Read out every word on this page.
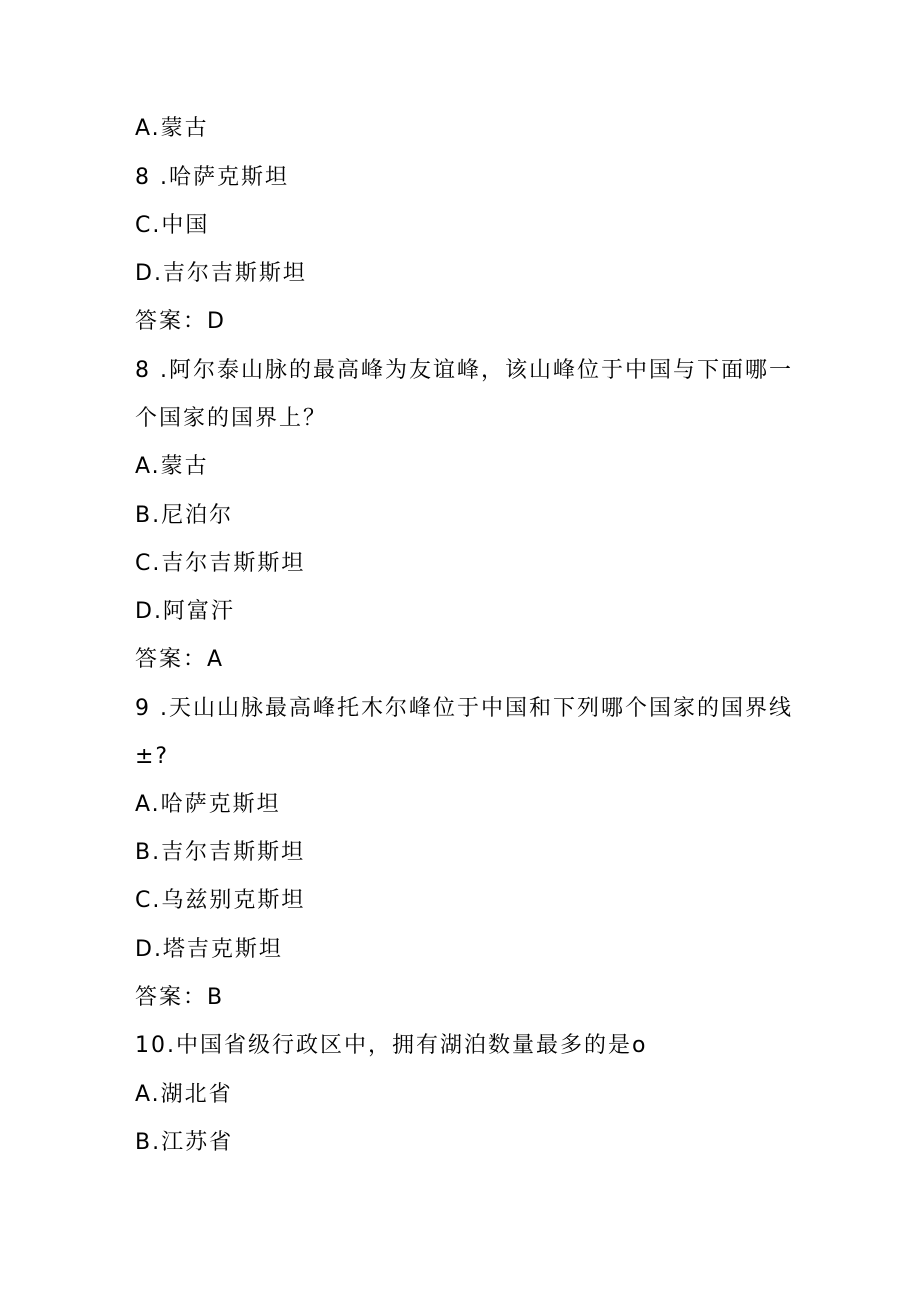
A.蒙古
8 .哈萨克斯坦
C.中国
D.吉尔吉斯斯坦
答案：D
8 .阿尔泰山脉的最高峰为友谊峰，该山峰位于中国与下面哪一
个国家的国界上？
A.蒙古
B.尼泊尔
C.吉尔吉斯斯坦
D.阿富汗
答案：A
9 .天山山脉最高峰托木尔峰位于中国和下列哪个国家的国界线
±?
A.哈萨克斯坦
B.吉尔吉斯斯坦
C.乌兹别克斯坦
D.塔吉克斯坦
答案：B
10.中国省级行政区中，拥有湖泊数量最多的是o
A.湖北省
B.江苏省
